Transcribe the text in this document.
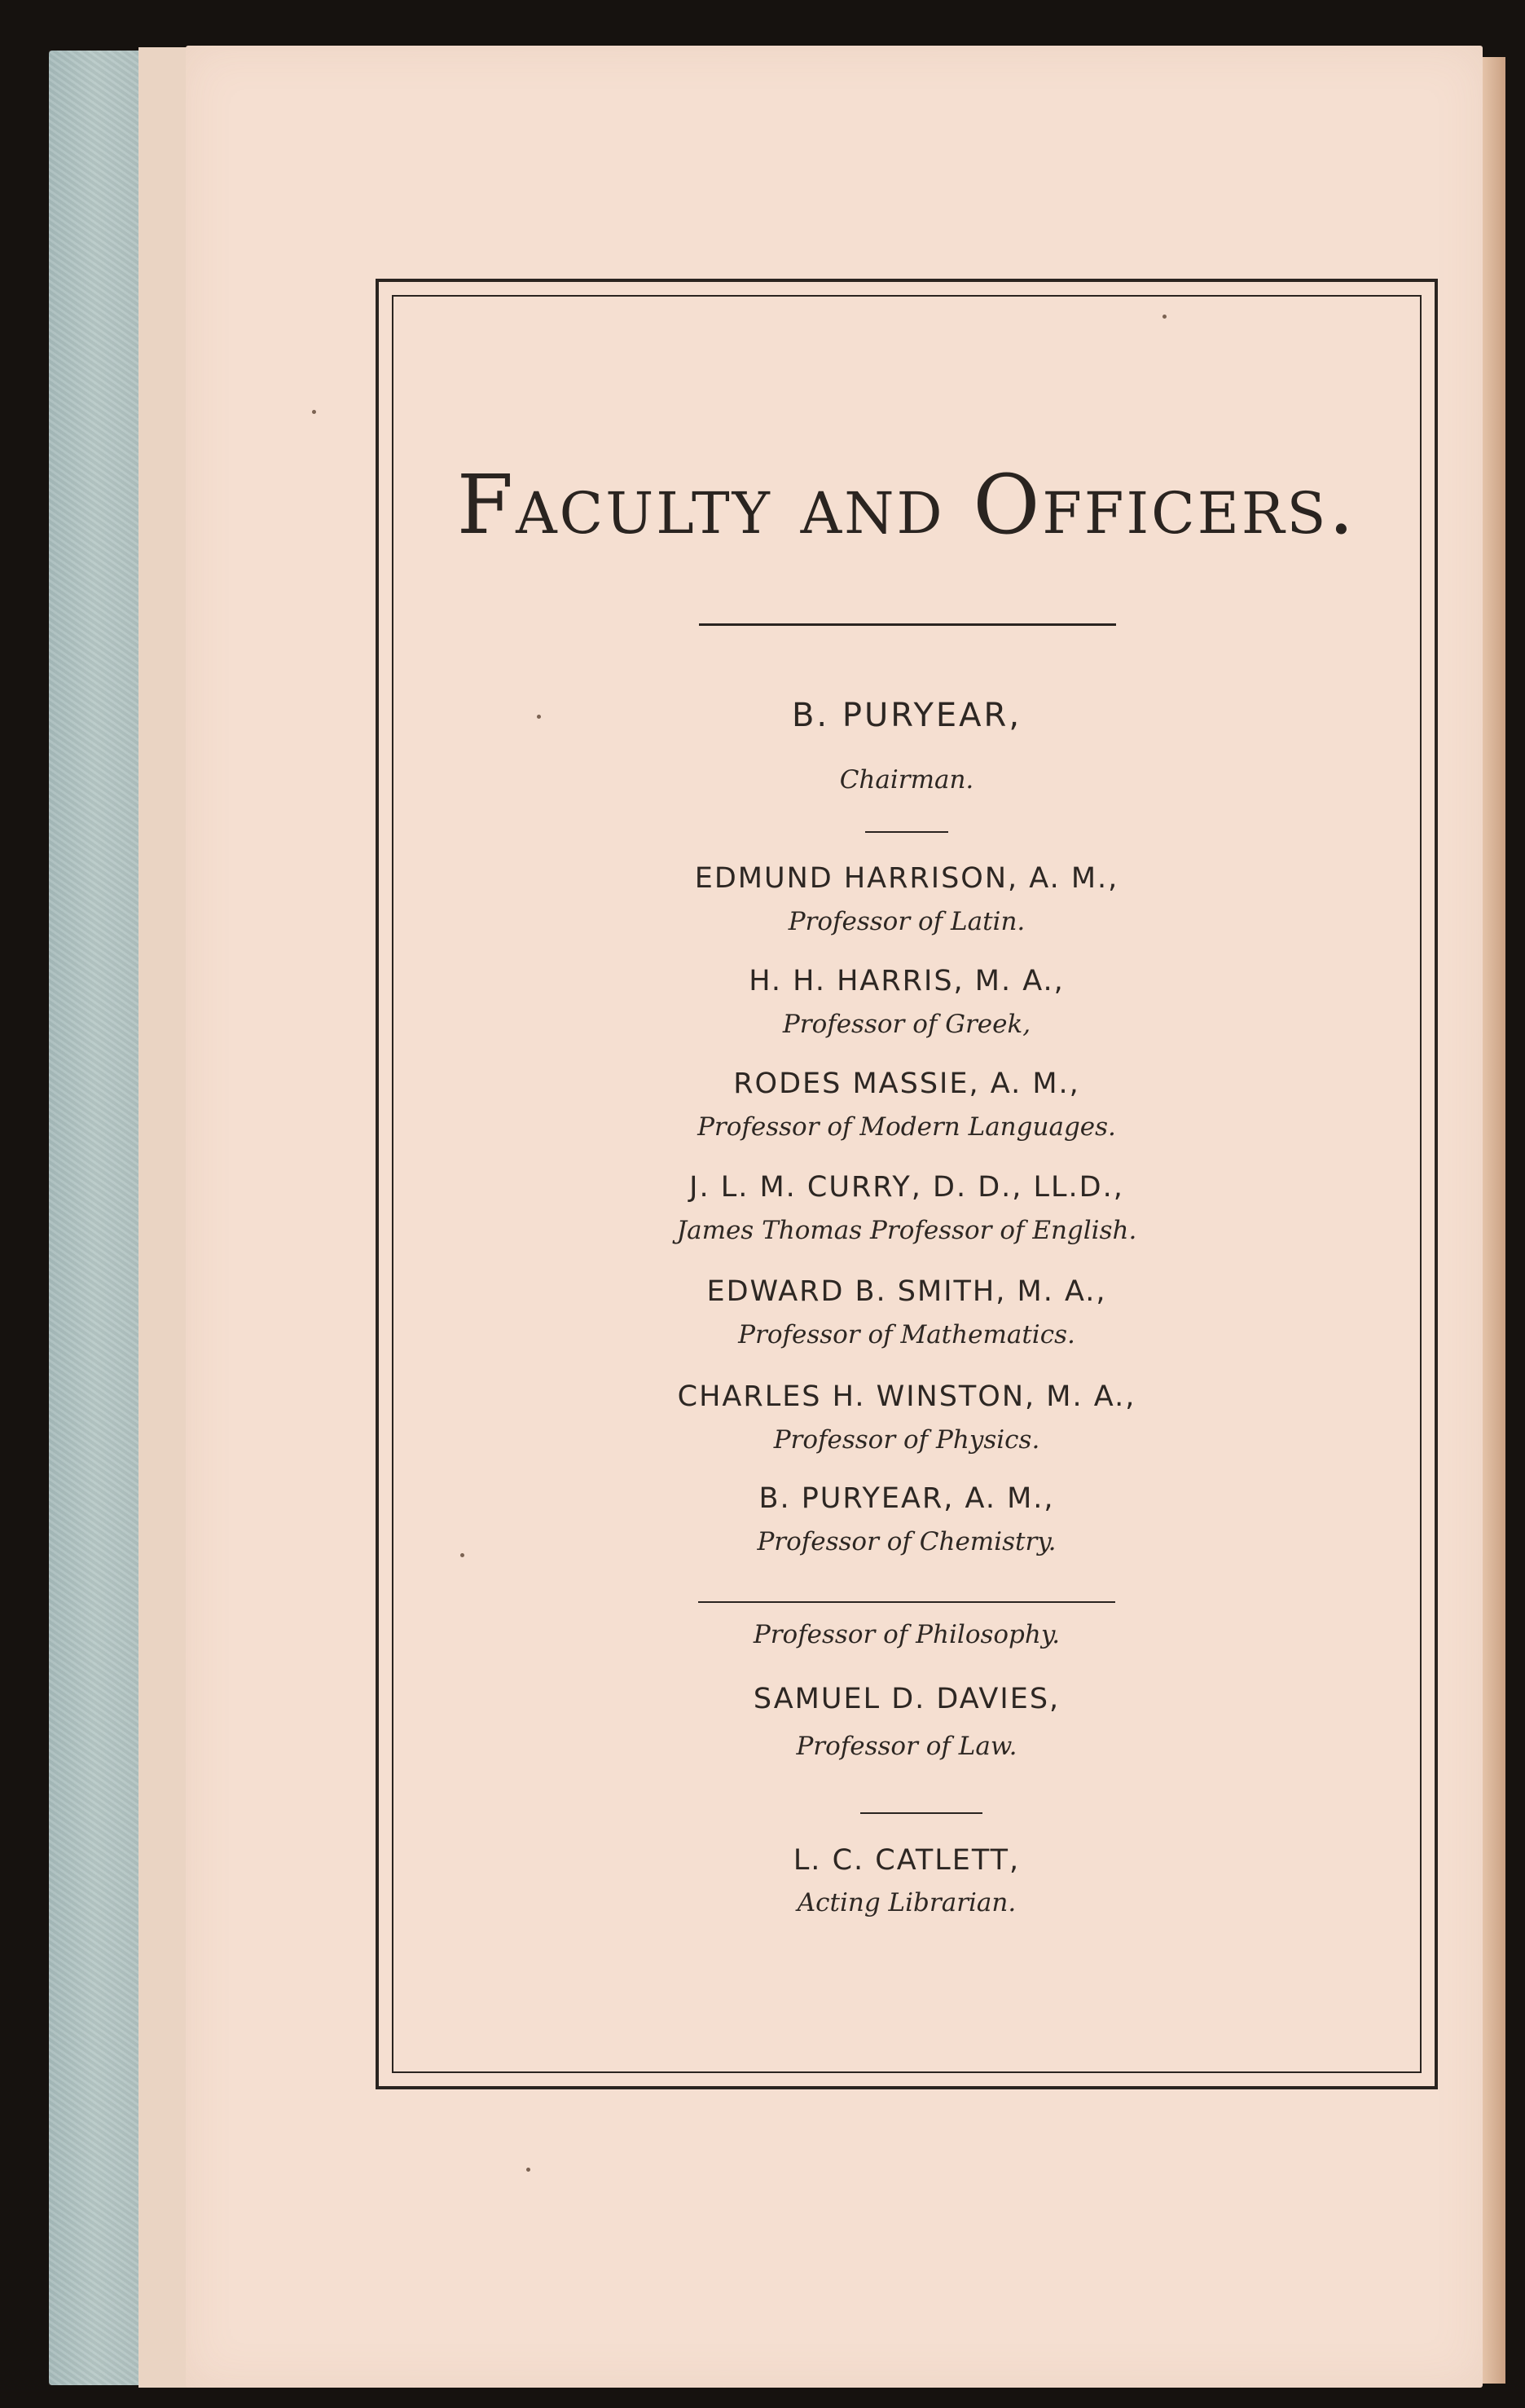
Faculty and Officers.

B. PURYEAR,

Chairman.

EDMUND HARRISON, A. M.,

Professor of Latin.

H. H. HARRIS, M. A.,

Professor of Greek,

RODES MASSIE, A. M.,

Professor of Modern Languages.

J. L. M. CURRY, D. D., LL.D.,

James Thomas Professor of English.

EDWARD B. SMITH, M. A.,

Professor of Mathematics.

CHARLES H. WINSTON, M. A.,

Professor of Physics.

B. PURYEAR, A. M.,

Professor of Chemistry.

Professor of Philosophy.

SAMUEL D. DAVIES,

Professor of Law.

L. C. CATLETT,

Acting Librarian.
